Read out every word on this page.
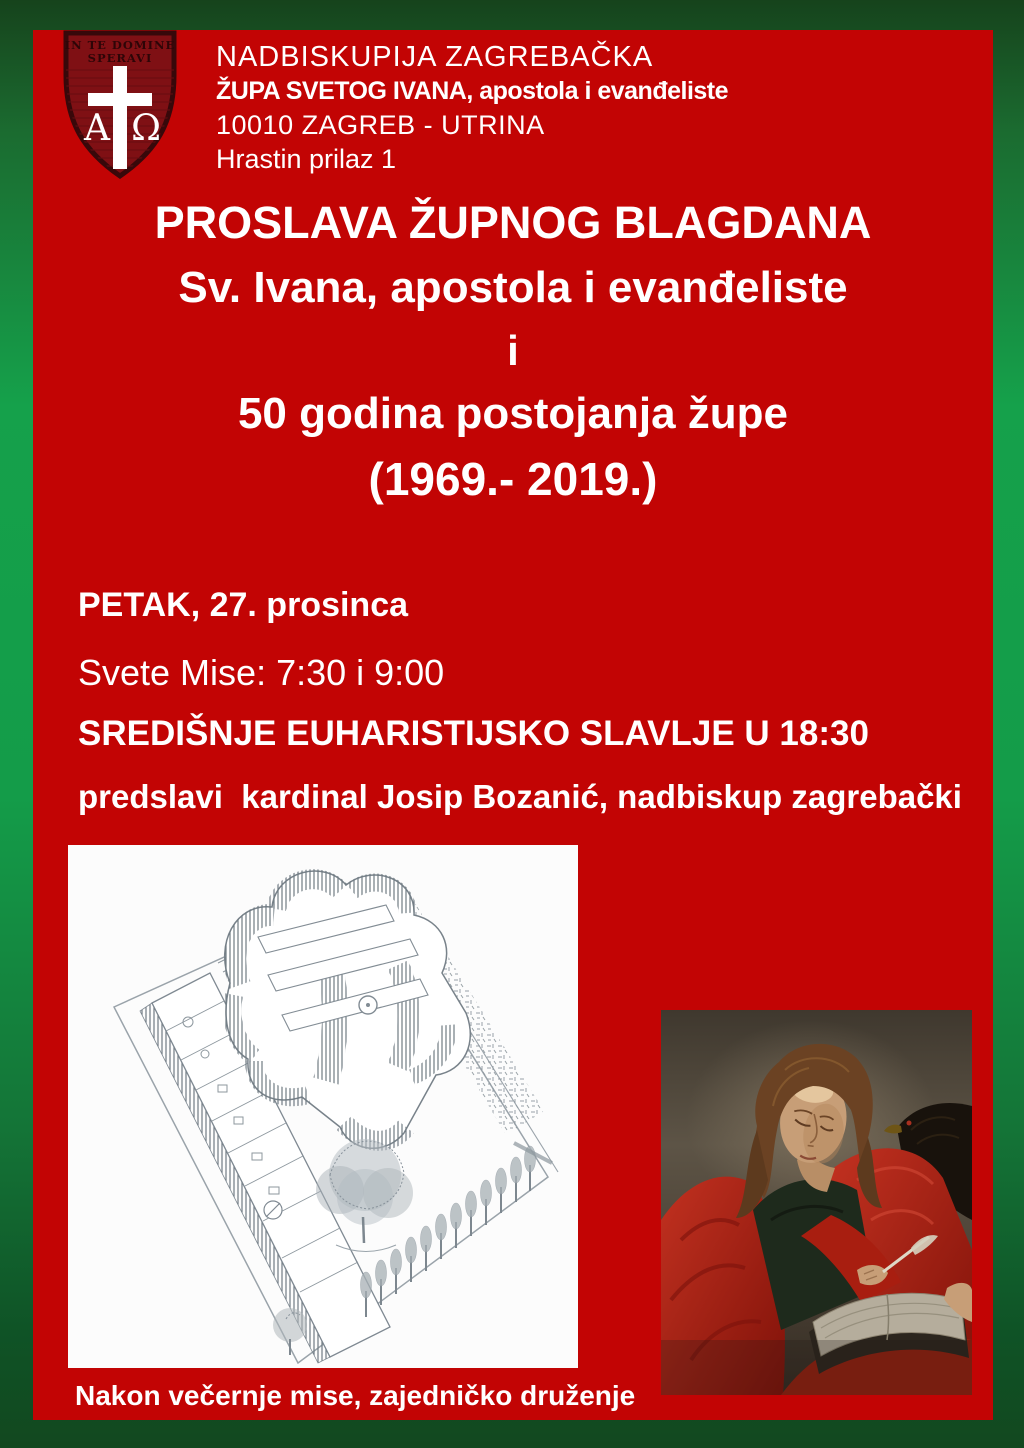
IN TE DOMINE
SPERAVI
Α Ω
NADBISKUPIJA ZAGREBAČKA
ŽUPA SVETOG IVANA, apostola i evanđeliste
10010 ZAGREB - UTRINA
Hrastin prilaz 1
PROSLAVA ŽUPNOG BLAGDANA
Sv. Ivana, apostola i evanđeliste
i
50 godina postojanja župe
(1969.- 2019.)
PETAK, 27. prosinca
Svete Mise: 7:30 i 9:00
SREDIŠNJE EUHARISTIJSKO SLAVLJE U 18:30
predslavi  kardinal Josip Bozanić, nadbiskup zagrebački
Nakon večernje mise, zajedničko druženje
